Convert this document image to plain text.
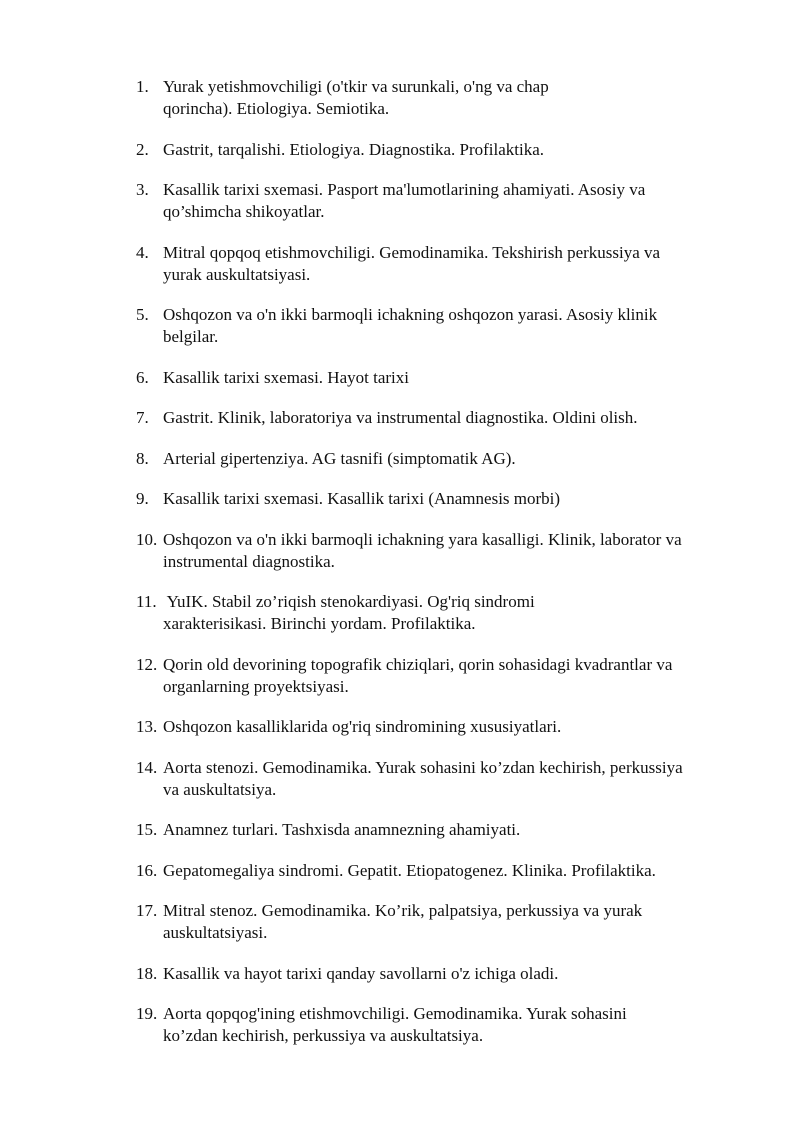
1. Yurak yetishmovchiligi (o'tkir va surunkali, o'ng va chap
qorincha). Etiologiya. Semiotika.
2. Gastrit, tarqalishi. Etiologiya. Diagnostika. Profilaktika.
3. Kasallik tarixi sxemasi. Pasport ma'lumotlarining ahamiyati. Asosiy va
qo’shimcha shikoyatlar.
4. Mitral qopqoq etishmovchiligi. Gemodinamika. Tekshirish perkussiya va
yurak auskultatsiyasi.
5. Oshqozon va o'n ikki barmoqli ichakning oshqozon yarasi. Asosiy klinik
belgilar.
6. Kasallik tarixi sxemasi. Hayot tarixi
7. Gastrit. Klinik, laboratoriya va instrumental diagnostika. Oldini olish.
8. Arterial gipertenziya. AG tasnifi (simptomatik AG).
9. Kasallik tarixi sxemasi. Kasallik tarixi (Anamnesis morbi)
10. Oshqozon va o'n ikki barmoqli ichakning yara kasalligi. Klinik, laborator va
instrumental diagnostika.
11. YuIK. Stabil zo’riqish stenokardiyasi. Og'riq sindromi
xarakterisikasi. Birinchi yordam. Profilaktika.
12. Qorin old devorining topografik chiziqlari, qorin sohasidagi kvadrantlar va
organlarning proyektsiyasi.
13. Oshqozon kasalliklarida og'riq sindromining xususiyatlari.
14. Aorta stenozi. Gemodinamika. Yurak sohasini ko’zdan kechirish, perkussiya
va auskultatsiya.
15. Anamnez turlari. Tashxisda anamnezning ahamiyati.
16. Gepatomegaliya sindromi. Gepatit. Etiopatogenez. Klinika. Profilaktika.
17. Mitral stenoz. Gemodinamika. Ko’rik, palpatsiya, perkussiya va yurak
auskultatsiyasi.
18. Kasallik va hayot tarixi qanday savollarni o'z ichiga oladi.
19. Aorta qopqog'ining etishmovchiligi. Gemodinamika. Yurak sohasini
ko’zdan kechirish, perkussiya va auskultatsiya.
